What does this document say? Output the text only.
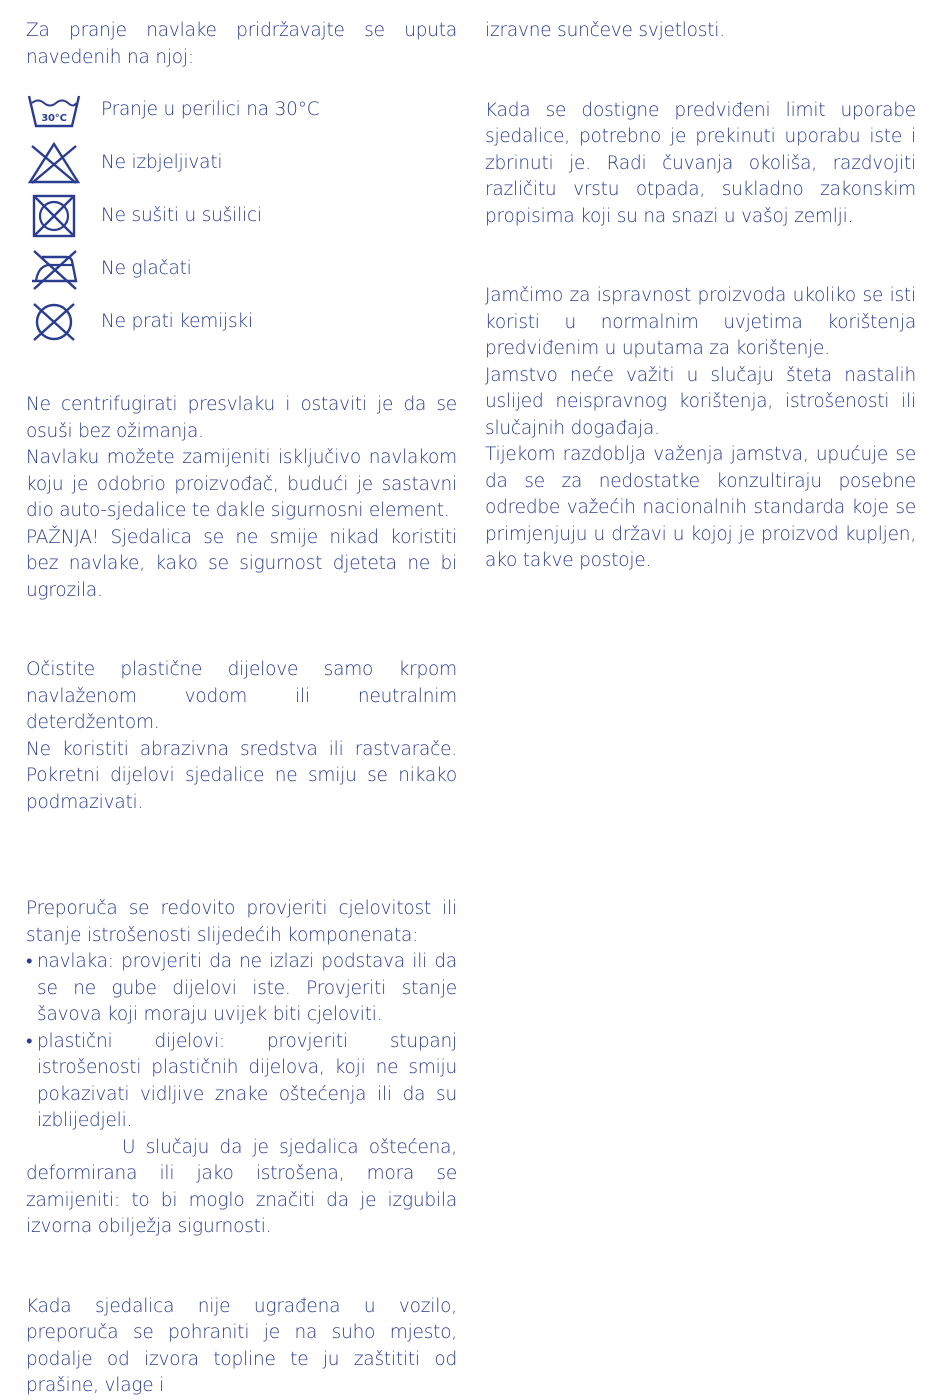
Za pranje navlake pridržavajte se uputa navedenih na njoj:

30°C Pranje u perilici na 30°C
Ne izbjeljivati
Ne sušiti u sušilici
Ne glačati
Ne prati kemijski

Ne centrifugirati presvlaku i ostaviti je da se osuši bez ožimanja.

Navlaku možete zamijeniti isključivo navlakom koju je odobrio proizvođač, budući je sastavni dio auto-sjedalice te dakle sigurnosni element.

PAŽNJA! Sjedalica se ne smije nikad koristiti bez navlake, kako se sigurnost djeteta ne bi ugrozila.

Očistite plastične dijelove samo krpom navlaženom vodom ili neutralnim deterdžentom.

Ne koristiti abrazivna sredstva ili rastvarače. Pokretni dijelovi sjedalice ne smiju se nikako podmazivati.

Preporuča se redovito provjeriti cjelovitost ili stanje istrošenosti slijedećih komponenata:

• navlaka: provjeriti da ne izlazi podstava ili da se ne gube dijelovi iste. Provjeriti stanje šavova koji moraju uvijek biti cjeloviti.
• plastični dijelovi: provjeriti stupanj istrošenosti plastičnih dijelova, koji ne smiju pokazivati vidljive znake oštećenja ili da su izblijedjeli.

U slučaju da je sjedalica oštećena, deformirana ili jako istrošena, mora se zamijeniti: to bi moglo značiti da je izgubila izvorna obilježja sigurnosti.

Kada sjedalica nije ugrađena u vozilo, preporuča se pohraniti je na suho mjesto, podalje od izvora topline te ju zaštititi od prašine, vlage i

izravne sunčeve svjetlosti.

Kada se dostigne predviđeni limit uporabe sjedalice, potrebno je prekinuti uporabu iste i zbrinuti je. Radi čuvanja okoliša, razdvojiti različitu vrstu otpada, sukladno zakonskim propisima koji su na snazi u vašoj zemlji.

Jamčimo za ispravnost proizvoda ukoliko se isti koristi u normalnim uvjetima korištenja predviđenim u uputama za korištenje.

Jamstvo neće važiti u slučaju šteta nastalih uslijed neispravnog korištenja, istrošenosti ili slučajnih događaja.

Tijekom razdoblja važenja jamstva, upućuje se da se za nedostatke konzultiraju posebne odredbe važećih nacionalnih standarda koje se primjenjuju u državi u kojoj je proizvod kupljen, ako takve postoje.
